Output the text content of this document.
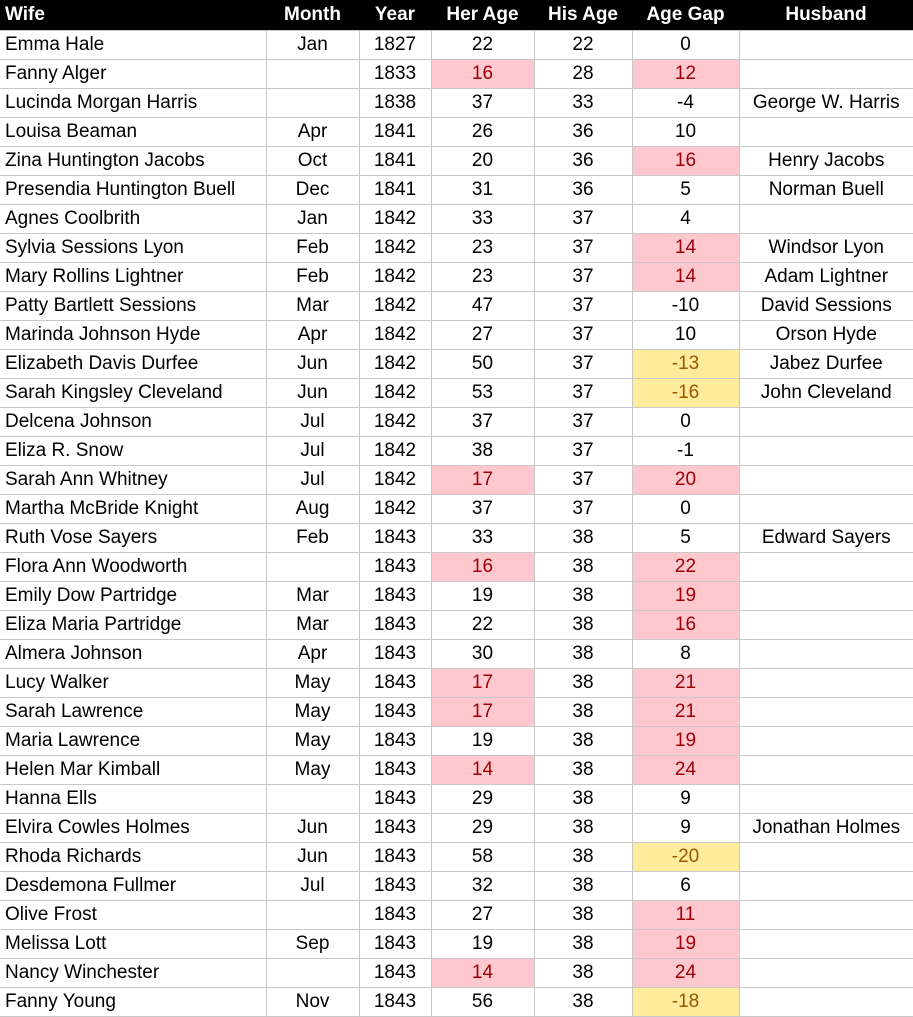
Wife	Month	Year	Her Age	His Age	Age Gap	Husband
Emma Hale	Jan	1827	22	22	0	
Fanny Alger		1833	16	28	12	
Lucinda Morgan Harris		1838	37	33	-4	George W. Harris
Louisa Beaman	Apr	1841	26	36	10	
Zina Huntington Jacobs	Oct	1841	20	36	16	Henry Jacobs
Presendia Huntington Buell	Dec	1841	31	36	5	Norman Buell
Agnes Coolbrith	Jan	1842	33	37	4	
Sylvia Sessions Lyon	Feb	1842	23	37	14	Windsor Lyon
Mary Rollins Lightner	Feb	1842	23	37	14	Adam Lightner
Patty Bartlett Sessions	Mar	1842	47	37	-10	David Sessions
Marinda Johnson Hyde	Apr	1842	27	37	10	Orson Hyde
Elizabeth Davis Durfee	Jun	1842	50	37	-13	Jabez Durfee
Sarah Kingsley Cleveland	Jun	1842	53	37	-16	John Cleveland
Delcena Johnson	Jul	1842	37	37	0	
Eliza R. Snow	Jul	1842	38	37	-1	
Sarah Ann Whitney	Jul	1842	17	37	20	
Martha McBride Knight	Aug	1842	37	37	0	
Ruth Vose Sayers	Feb	1843	33	38	5	Edward Sayers
Flora Ann Woodworth		1843	16	38	22	
Emily Dow Partridge	Mar	1843	19	38	19	
Eliza Maria Partridge	Mar	1843	22	38	16	
Almera Johnson	Apr	1843	30	38	8	
Lucy Walker	May	1843	17	38	21	
Sarah Lawrence	May	1843	17	38	21	
Maria Lawrence	May	1843	19	38	19	
Helen Mar Kimball	May	1843	14	38	24	
Hanna Ells		1843	29	38	9	
Elvira Cowles Holmes	Jun	1843	29	38	9	Jonathan Holmes
Rhoda Richards	Jun	1843	58	38	-20	
Desdemona Fullmer	Jul	1843	32	38	6	
Olive Frost		1843	27	38	11	
Melissa Lott	Sep	1843	19	38	19	
Nancy Winchester		1843	14	38	24	
Fanny Young	Nov	1843	56	38	-18	
